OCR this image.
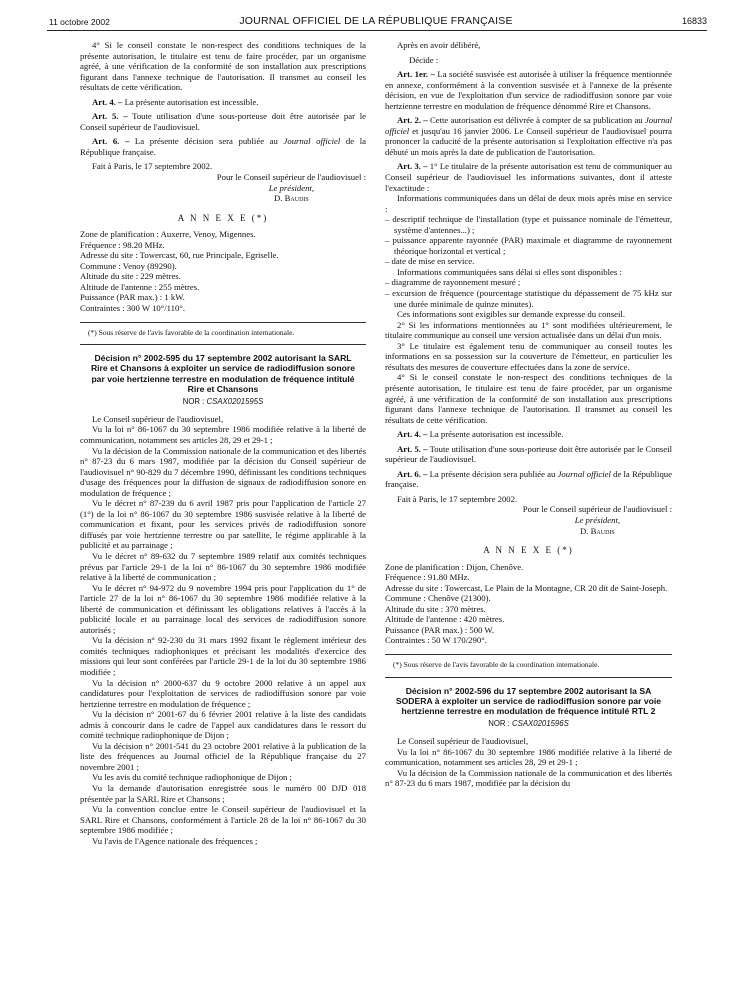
11 octobre 2002	JOURNAL OFFICIEL DE LA RÉPUBLIQUE FRANÇAISE	16833

4° Si le conseil constate le non-respect des conditions techniques de la présente autorisation, le titulaire est tenu de faire procéder, par un organisme agréé, à une vérification de la conformité de son installation aux prescriptions figurant dans l'annexe technique de l'autorisation. Il transmet au conseil les résultats de cette vérification.

Art. 4. – La présente autorisation est incessible.

Art. 5. – Toute utilisation d'une sous-porteuse doit être autorisée par le Conseil supérieur de l'audiovisuel.

Art. 6. – La présente décision sera publiée au Journal officiel de la République française.

Fait à Paris, le 17 septembre 2002.

Pour le Conseil supérieur de l'audiovisuel :
Le président,
D. Baudis

A N N E X E (*)

Zone de planification : Auxerre, Venoy, Migennes.

Fréquence : 98.20 MHz.

Adresse du site : Towercast, 60, rue Principale, Egriselle.

Commune : Venoy (89290).

Altitude du site : 229 mètres.

Altitude de l'antenne : 255 mètres.

Puissance (PAR max.) : 1 kW.

Contraintes : 300 W 10°/110°.

(*) Sous réserve de l'avis favorable de la coordination internationale.

Décision n° 2002-595 du 17 septembre 2002 autorisant la SARL Rire et Chansons à exploiter un service de radiodiffusion sonore par voie hertzienne terrestre en modulation de fréquence intitulé Rire et Chansons

NOR : CSAX0201595S

Le Conseil supérieur de l'audiovisuel,

Vu la loi n° 86-1067 du 30 septembre 1986 modifiée relative à la liberté de communication, notamment ses articles 28, 29 et 29-1 ;

Vu la décision de la Commission nationale de la communication et des libertés n° 87-23 du 6 mars 1987, modifiée par la décision du Conseil supérieur de l'audiovisuel n° 90-829 du 7 décembre 1990, définissant les conditions techniques d'usage des fréquences pour la diffusion de signaux de radiodiffusion sonore en modulation de fréquence ;

Vu le décret n° 87-239 du 6 avril 1987 pris pour l'application de l'article 27 (1°) de la loi n° 86-1067 du 30 septembre 1986 susvisée relative à la liberté de communication et fixant, pour les services privés de radiodiffusion sonore diffusés par voie hertzienne terrestre ou par satellite, le régime applicable à la publicité et au parrainage ;

Vu le décret n° 89-632 du 7 septembre 1989 relatif aux comités techniques prévus par l'article 29-1 de la loi n° 86-1067 du 30 septembre 1986 modifiée relative à la liberté de communication ;

Vu le décret n° 94-972 du 9 novembre 1994 pris pour l'application du 1° de l'article 27 de la loi n° 86-1067 du 30 septembre 1986 modifiée relative à la liberté de communication et définissant les obligations relatives à l'accès à la publicité locale et au parrainage local des services de radiodiffusion sonore autorisés ;

Vu la décision n° 92-230 du 31 mars 1992 fixant le règlement intérieur des comités techniques radiophoniques et précisant les modalités d'exercice des missions qui leur sont conférées par l'article 29-1 de la loi du 30 septembre 1986 modifiée ;

Vu la décision n° 2000-637 du 9 octobre 2000 relative à un appel aux candidatures pour l'exploitation de services de radiodiffusion sonore par voie hertzienne terrestre en modulation de fréquence ;

Vu la décision n° 2001-67 du 6 février 2001 relative à la liste des candidats admis à concourir dans le cadre de l'appel aux candidatures dans le ressort du comité technique radiophonique de Dijon ;

Vu la décision n° 2001-541 du 23 octobre 2001 relative à la publication de la liste des fréquences au Journal officiel de la République française du 27 novembre 2001 ;

Vu les avis du comité technique radiophonique de Dijon ;

Vu la demande d'autorisation enregistrée sous le numéro 00 DJD 018 présentée par la SARL Rire et Chansons ;

Vu la convention conclue entre le Conseil supérieur de l'audiovisuel et la SARL Rire et Chansons, conformément à l'article 28 de la loi n° 86-1067 du 30 septembre 1986 modifiée ;

Vu l'avis de l'Agence nationale des fréquences ;

Après en avoir délibéré,

Décide :

Art. 1er. – La société susvisée est autorisée à utiliser la fréquence mentionnée en annexe, conformément à la convention susvisée et à l'annexe de la présente décision, en vue de l'exploitation d'un service de radiodiffusion sonore par voie hertzienne terrestre en modulation de fréquence dénommé Rire et Chansons.

Art. 2. – Cette autorisation est délivrée à compter de sa publication au Journal officiel et jusqu'au 16 janvier 2006. Le Conseil supérieur de l'audiovisuel pourra prononcer la caducité de la présente autorisation si l'exploitation effective n'a pas débuté un mois après la date de publication de l'autorisation.

Art. 3. – 1° Le titulaire de la présente autorisation est tenu de communiquer au Conseil supérieur de l'audiovisuel les informations suivantes, dont il atteste l'exactitude :

Informations communiquées dans un délai de deux mois après mise en service :

– descriptif technique de l'installation (type et puissance nominale de l'émetteur, système d'antennes...) ;

– puissance apparente rayonnée (PAR) maximale et diagramme de rayonnement théorique horizontal et vertical ;

– date de mise en service.

Informations communiquées sans délai si elles sont disponibles :

– diagramme de rayonnement mesuré ;

– excursion de fréquence (pourcentage statistique du dépassement de 75 kHz sur une durée minimale de quinze minutes).

Ces informations sont exigibles sur demande expresse du conseil.

2° Si les informations mentionnées au 1° sont modifiées ultérieurement, le titulaire communique au conseil une version actualisée dans un délai d'un mois.

3° Le titulaire est également tenu de communiquer au conseil toutes les informations en sa possession sur la couverture de l'émetteur, en particulier les résultats des mesures de couverture effectuées dans la zone de service.

4° Si le conseil constate le non-respect des conditions techniques de la présente autorisation, le titulaire est tenu de faire procéder, par un organisme agréé, à une vérification de la conformité de son installation aux prescriptions figurant dans l'annexe technique de l'autorisation. Il transmet au conseil les résultats de cette vérification.

Art. 4. – La présente autorisation est incessible.

Art. 5. – Toute utilisation d'une sous-porteuse doit être autorisée par le Conseil supérieur de l'audiovisuel.

Art. 6. – La présente décision sera publiée au Journal officiel de la République française.

Fait à Paris, le 17 septembre 2002.

Pour le Conseil supérieur de l'audiovisuel :
Le président,
D. Baudis

A N N E X E (*)

Zone de planification : Dijon, Chenôve.

Fréquence : 91.80 MHz.

Adresse du site : Towercast, Le Plain de la Montagne, CR 20 dit de Saint-Joseph.

Commune : Chenôve (21300).

Altitude du site : 370 mètres.

Altitude de l'antenne : 420 mètres.

Puissance (PAR max.) : 500 W.

Contraintes : 50 W 170/290°.

(*) Sous réserve de l'avis favorable de la coordination internationale.

Décision n° 2002-596 du 17 septembre 2002 autorisant la SA SODERA à exploiter un service de radiodiffusion sonore par voie hertzienne terrestre en modulation de fréquence intitulé RTL 2

NOR : CSAX0201596S

Le Conseil supérieur de l'audiovisuel,

Vu la loi n° 86-1067 du 30 septembre 1986 modifiée relative à la liberté de communication, notamment ses articles 28, 29 et 29-1 ;

Vu la décision de la Commission nationale de la communication et des libertés n° 87-23 du 6 mars 1987, modifiée par la décision du
